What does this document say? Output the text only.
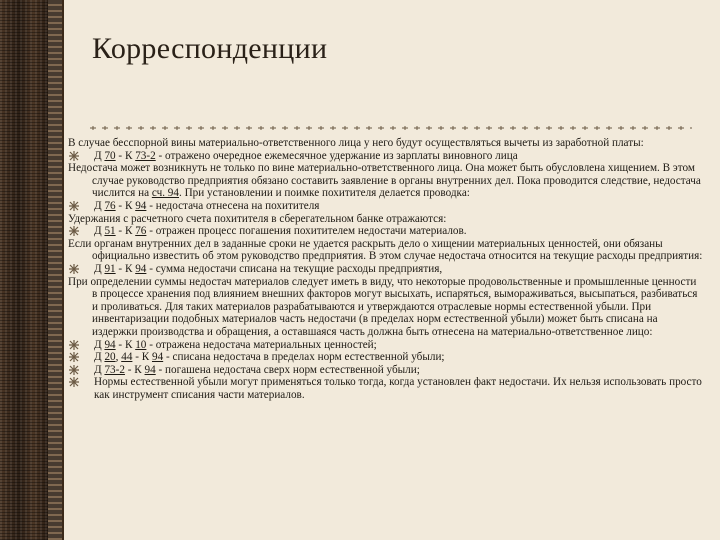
Корреспонденции

В случае бесспорной вины материально-ответственного лица у него будут осуществляться вычеты из заработной платы:

Д 70 - К 73-2 - отражено очередное ежемесячное удержание из зарплаты виновного лица

Недостача может возникнуть не только по вине материально-ответственного лица. Она может быть обусловлена хищением. В этом случае руководство предприятия обязано составить заявление в органы внутренних дел. Пока проводится следствие, недостача числится на сч. 94. При установлении и поимке похитителя делается проводка:

Д 76 - К 94 - недостача отнесена на похитителя

Удержания с расчетного счета похитителя в сберегательном банке отражаются:

Д 51 - К 76 - отражен процесс погашения похитителем недостачи материалов.

Если органам внутренних дел в заданные сроки не удается раскрыть дело о хищении материальных ценностей, они обязаны официально известить об этом руководство предприятия. В этом случае недостача относится на текущие расходы предприятия:

Д 91 - К 94 - сумма недостачи списана на текущие расходы предприятия,

При определении суммы недостач материалов следует иметь в виду, что некоторые продовольственные и промышленные ценности в процессе хранения под влиянием внешних факторов могут высыхать, испаряться, вымораживаться, высыпаться, разбиваться и проливаться. Для таких материалов разрабатываются и утверждаются отраслевые нормы естественной убыли. При инвентаризации подобных материалов часть недостачи (в пределах норм естественной убыли) может быть списана на издержки производства и обращения, а оставшаяся часть должна быть отнесена на материально-ответственное лицо:

Д 94 - К 10 - отражена недостача материальных ценностей;

Д 20, 44 - К 94 - списана недостача в пределах норм естественной убыли;

Д 73-2 - К 94 - погашена недостача сверх норм естественной убыли;

Нормы естественной убыли могут применяться только тогда, когда установлен факт недостачи. Их нельзя использовать просто как инструмент списания части материалов.
